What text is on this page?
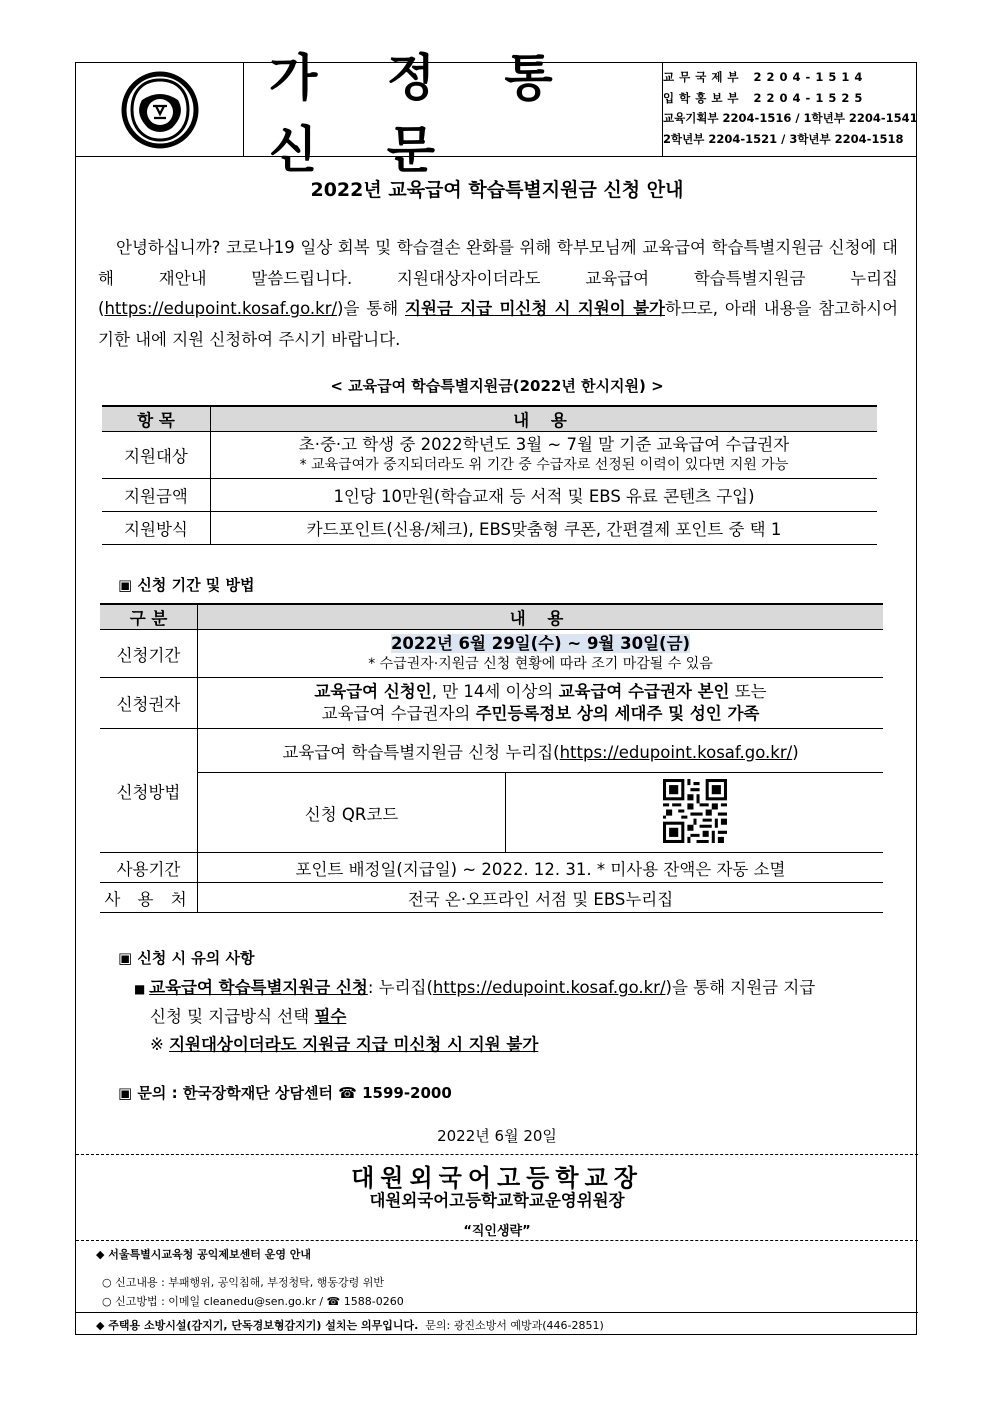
가 정 통 신 문
교무국제부 2204-1514
입학홍보부 2204-1525
교육기획부 2204-1516 / 1학년부 2204-1541
2학년부 2204-1521 / 3학년부 2204-1518
2022년 교육급여 학습특별지원금 신청 안내

안녕하십니까? 코로나19 일상 회복 및 학습결손 완화를 위해 학부모님께 교육급여 학습특별지원금 신청에 대해 재안내 말씀드립니다. 지원대상자이더라도 교육급여 학습특별지원금 누리집(https://edupoint.kosaf.go.kr/)을 통해 지원금 지급 미신청 시 지원이 불가하므로, 아래 내용을 참고하시어 기한 내에 지원 신청하여 주시기 바랍니다.

< 교육급여 학습특별지원금(2022년 한시지원) >
항 목	내 용
지원대상	초·중·고 학생 중 2022학년도 3월 ~ 7월 말 기준 교육급여 수급권자
* 교육급여가 중지되더라도 위 기간 중 수급자로 선정된 이력이 있다면 지원 가능

지원금액	1인당 10만원(학습교재 등 서적 및 EBS 유료 콘텐츠 구입)
지원방식	카드포인트(신용/체크), EBS맞춤형 쿠폰, 간편결제 포인트 중 택 1
▣ 신청 기간 및 방법
구 분	내 용	
신청기간	2022년 6월 29일(수) ~ 9월 30일(금)
* 수급권자·지원금 신청 현황에 따라 조기 마감될 수 있음	

신청권자	교육급여 신청인, 만 14세 이상의 교육급여 수급권자 본인 또는
교육급여 수급권자의 주민등록정보 상의 세대주 및 성인 가족	

신청방법	교육급여 학습특별지원금 신청 누리집(https://edupoint.kosaf.go.kr/)	
	신청 QR코드	
사용기간	포인트 배정일(지급일) ~ 2022. 12. 31. * 미사용 잔액은 자동 소멸	
사 용 처	전국 온·오프라인 서점 및 EBS누리집	
▣ 신청 시 유의 사항
■ 교육급여 학습특별지원금 신청: 누리집(https://edupoint.kosaf.go.kr/)을 통해 지원금 지급
신청 및 지급방식 선택 필수
※ 지원대상이더라도 지원금 지급 미신청 시 지원 불가
▣ 문의 : 한국장학재단 상담센터 ☎ 1599-2000
2022년 6월 20일
대원외국어고등학교장
대원외국어고등학교학교운영위원장
“직인생략”
◆ 서울특별시교육청 공익제보센터 운영 안내
○ 신고내용 : 부패행위, 공익침해, 부정청탁, 행동강령 위반
○ 신고방법 : 이메일 cleanedu@sen.go.kr / ☎ 1588-0260
◆ 주택용 소방시설(감지기, 단독경보형감지기) 설치는 의무입니다. 문의: 광진소방서 예방과(446-2851)
